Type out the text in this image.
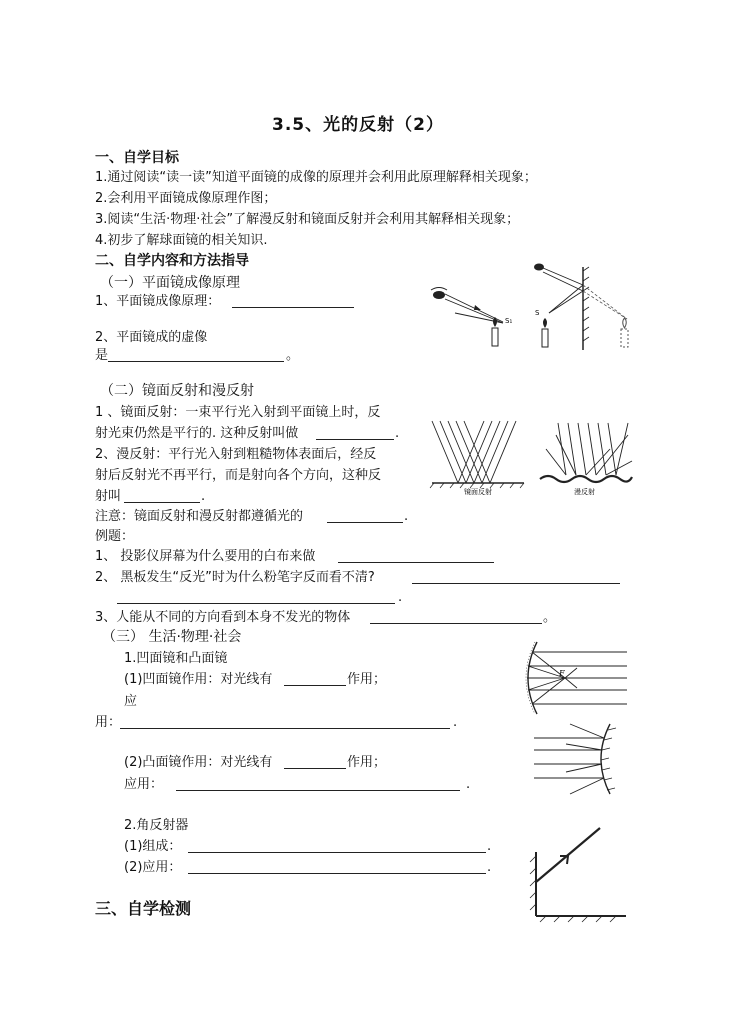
3.5、光的反射（2）
一、自学目标
1.通过阅读“读一读”知道平面镜的成像的原理并会利用此原理解释相关现象；
2.会利用平面镜成像原理作图；
3.阅读“生活·物理·社会”了解漫反射和镜面反射并会利用其解释相关现象；
4.初步了解球面镜的相关知识.
二、自学内容和方法指导
（一）平面镜成像原理
1、平面镜成像原理：
2、平面镜成的虚像
是	。
S₁
S
（二）镜面反射和漫反射
1 、镜面反射：一束平行光入射到平面镜上时，反
射光束仍然是平行的. 这种反射叫做	.
2、漫反射：平行光入射到粗糙物体表面后，经反
射后反射光不再平行，而是射向各个方向，这种反
射叫	.
注意：镜面反射和漫反射都遵循光的	.
例题：
1、 投影仪屏幕为什么要用的白布来做
2、 黑板发生“反光”时为什么粉笔字反而看不清?
.
3、人能从不同的方向看到本身不发光的物体	。
镜面反射	漫反射
（三） 生活·物理·社会
1.凹面镜和凸面镜
(1)凹面镜作用：对光线有	作用；
应
用：	.
(2)凸面镜作用：对光线有	作用；
应用：	.
2.角反射器
(1)组成：	.
(2)应用：	.
F
三、自学检测
